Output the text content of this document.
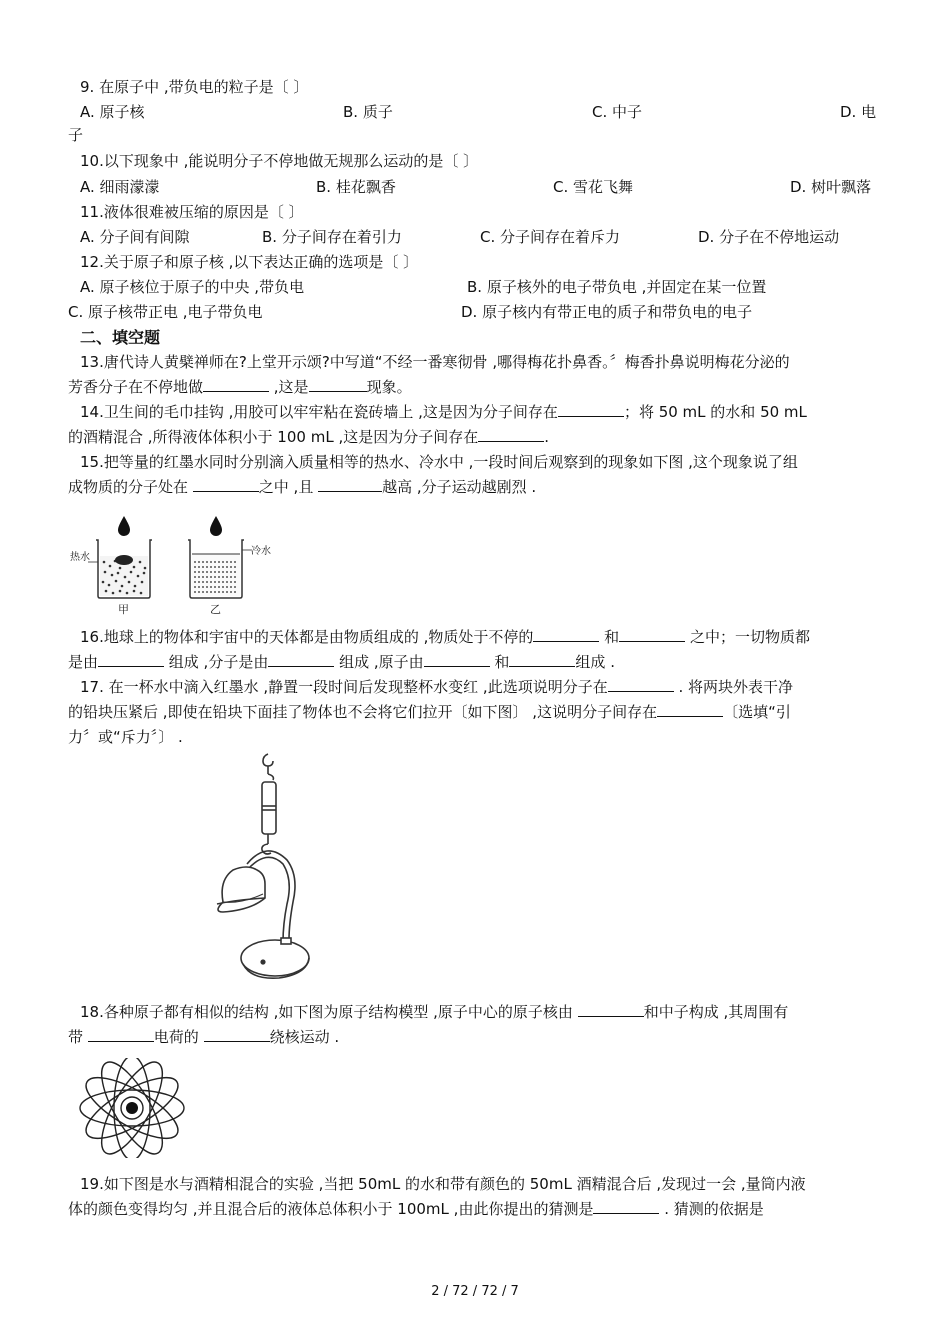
9. 在原子中 ,带负电的粒子是〔 〕
A. 原子核	B. 质子	C. 中子	D. 电
子
10.以下现象中 ,能说明分子不停地做无规那么运动的是〔 〕
A. 细雨濛濛	B. 桂花飘香	C. 雪花飞舞	D. 树叶飘落
11.液体很难被压缩的原因是〔 〕
A. 分子间有间隙	B. 分子间存在着引力	C. 分子间存在着斥力	D. 分子在不停地运动
12.关于原子和原子核 ,以下表达正确的选项是〔 〕
A. 原子核位于原子的中央 ,带负电	B. 原子核外的电子带负电 ,并固定在某一位置
C. 原子核带正电 ,电子带负电	D. 原子核内有带正电的质子和带负电的电子
二、填空题
13.唐代诗人黄檗禅师在?上堂开示颂?中写道“不经一番寒彻骨 ,哪得梅花扑鼻香。〞梅香扑鼻说明梅花分泌的
芳香分子在不停地做	,这是	现象。
14.卫生间的毛巾挂钩 ,用胶可以牢牢粘在瓷砖墙上 ,这是因为分子间存在	；将 50 mL 的水和 50 mL
的酒精混合 ,所得液体体积小于 100 mL ,这是因为分子间存在	.
15.把等量的红墨水同时分别滴入质量相等的热水、冷水中 ,一段时间后观察到的现象如下图 ,这个现象说了组
成物质的分子处在	之中 ,且	越高 ,分子运动越剧烈 .
热水
甲
冷水
乙
16.地球上的物体和宇宙中的天体都是由物质组成的 ,物质处于不停的	和	之中；一切物质都
是由	组成 ,分子是由	组成 ,原子由	和	组成 .
17. 在一杯水中滴入红墨水 ,静置一段时间后发现整杯水变红 ,此选项说明分子在	. 将两块外表干净
的铅块压紧后 ,即使在铅块下面挂了物体也不会将它们拉开〔如下图〕 ,这说明分子间存在	〔选填“引
力〞或“斥力〞〕 .
18.各种原子都有相似的结构 ,如下图为原子结构模型 ,原子中心的原子核由	和中子构成 ,其周围有
带	电荷的	绕核运动 .
19.如下图是水与酒精相混合的实验 ,当把 50mL 的水和带有颜色的 50mL 酒精混合后 ,发现过一会 ,量筒内液
体的颜色变得均匀 ,并且混合后的液体总体积小于 100mL ,由此你提出的猜测是	. 猜测的依据是
2 / 72 / 72 / 7
